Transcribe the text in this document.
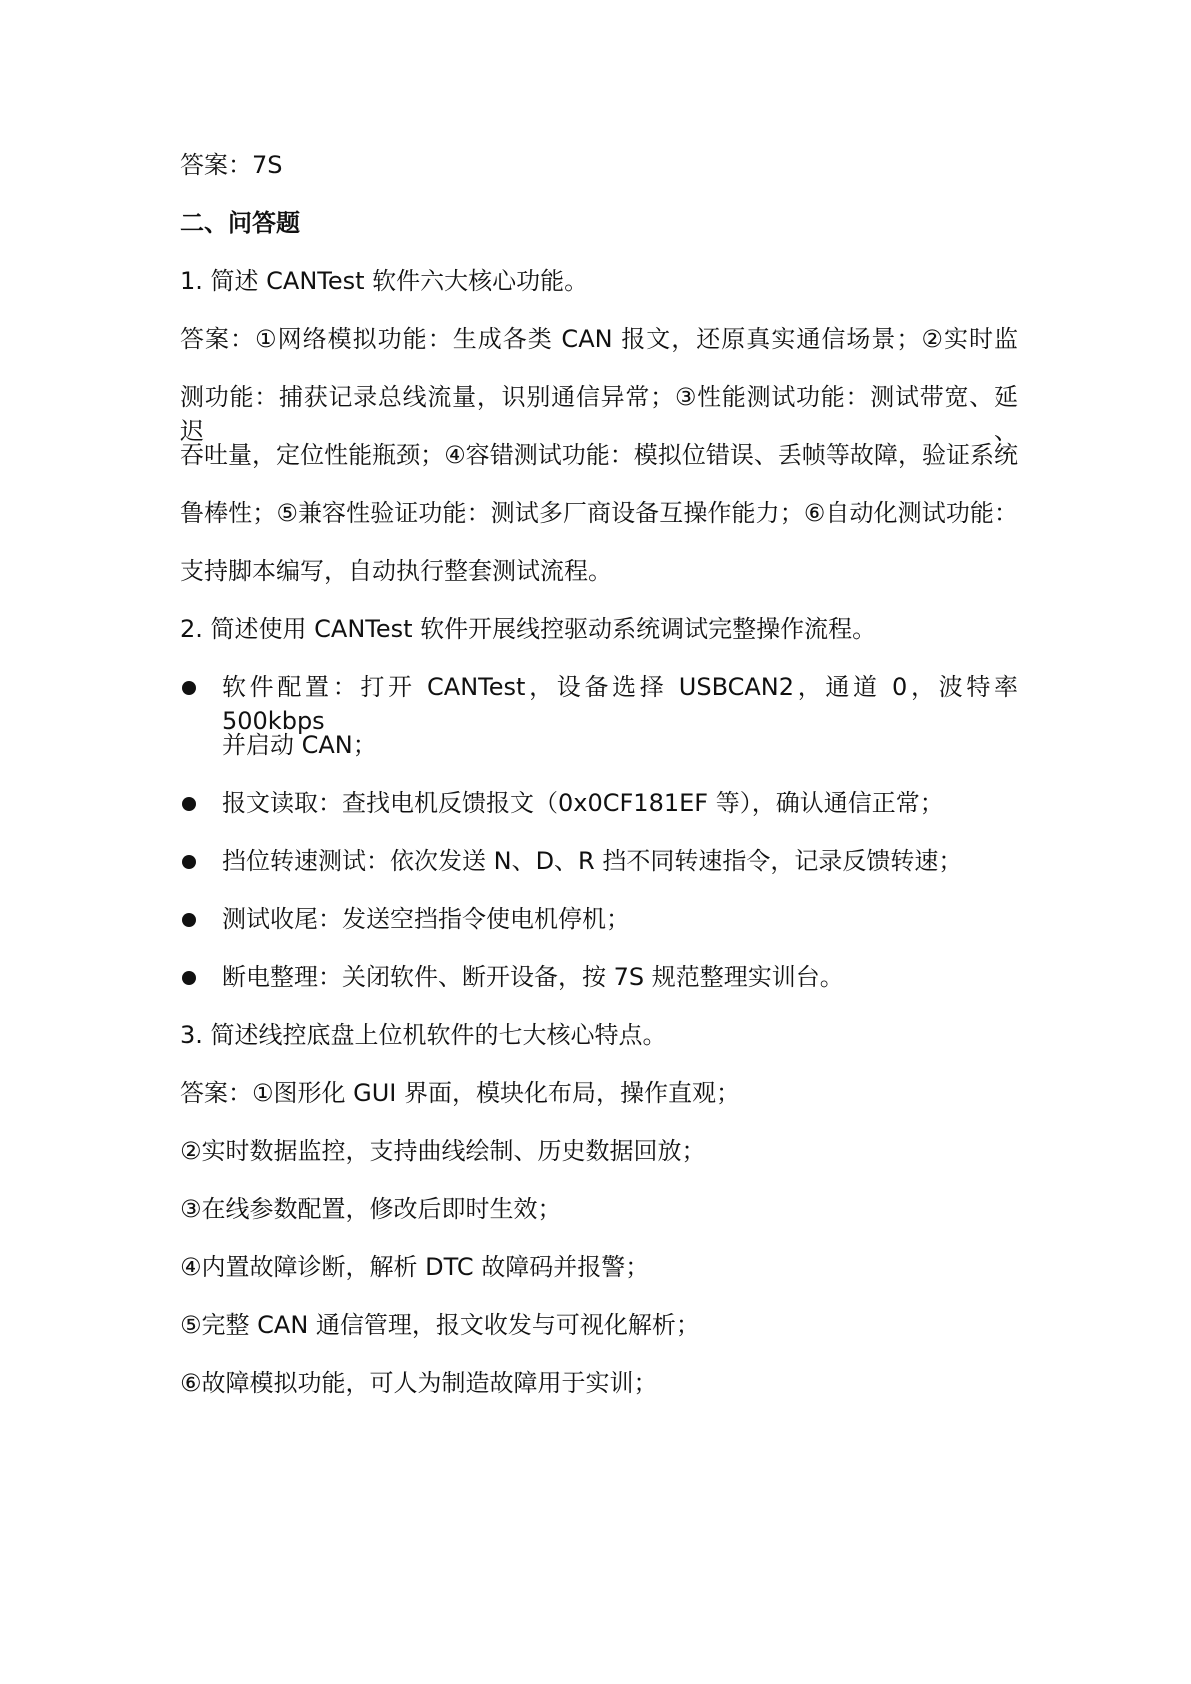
答案：7S

二、问答题

1. 简述 CANTest 软件六大核心功能。

答案：①网络模拟功能：生成各类 CAN 报文，还原真实通信场景；②实时监

测功能：捕获记录总线流量，识别通信异常；③性能测试功能：测试带宽、延迟、

吞吐量，定位性能瓶颈；④容错测试功能：模拟位错误、丢帧等故障，验证系统

鲁棒性；⑤兼容性验证功能：测试多厂商设备互操作能力；⑥自动化测试功能：

支持脚本编写，自动执行整套测试流程。

2. 简述使用 CANTest 软件开展线控驱动系统调试完整操作流程。

软件配置：打开 CANTest，设备选择 USBCAN2，通道 0，波特率 500kbps

并启动 CAN；

报文读取：查找电机反馈报文（0x0CF181EF 等），确认通信正常；

挡位转速测试：依次发送 N、D、R 挡不同转速指令，记录反馈转速；

测试收尾：发送空挡指令使电机停机；

断电整理：关闭软件、断开设备，按 7S 规范整理实训台。

3. 简述线控底盘上位机软件的七大核心特点。

答案：①图形化 GUI 界面，模块化布局，操作直观；

②实时数据监控，支持曲线绘制、历史数据回放；

③在线参数配置，修改后即时生效；

④内置故障诊断，解析 DTC 故障码并报警；

⑤完整 CAN 通信管理，报文收发与可视化解析；

⑥故障模拟功能，可人为制造故障用于实训；
